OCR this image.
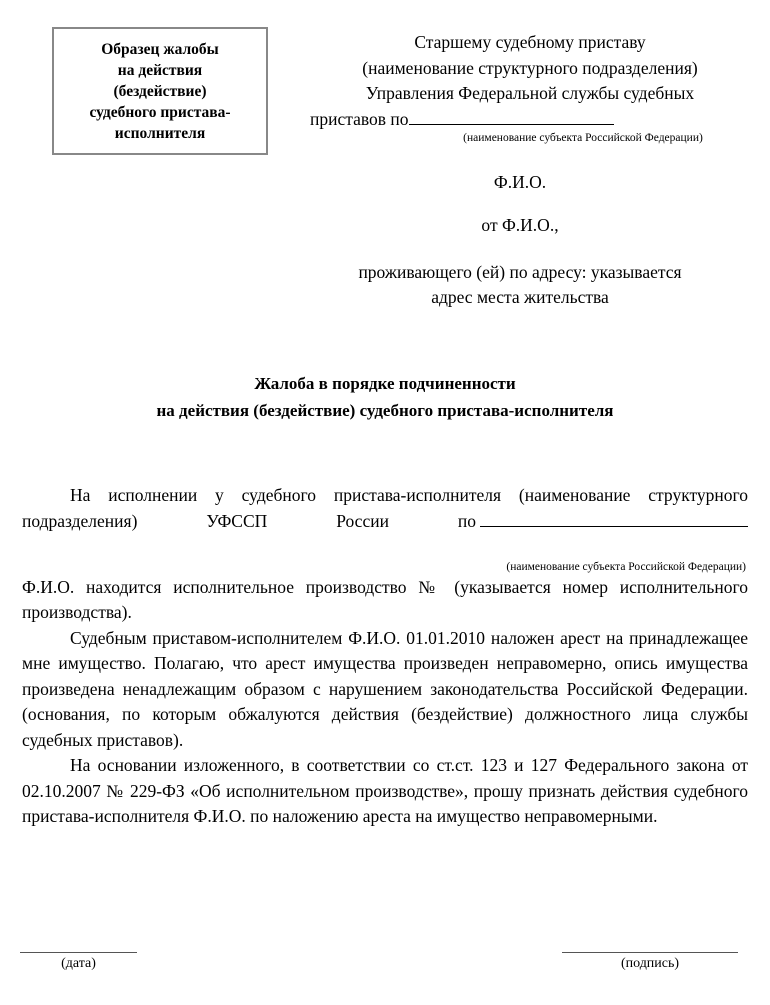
Образец жалобы
на действия
(бездействие)
судебного пристава-
исполнителя
Старшему судебному приставу
(наименование структурного подразделения)
Управления Федеральной службы судебных
приставов по
(наименование субъекта Российской Федерации)
Ф.И.О.
от Ф.И.О.,
проживающего (ей) по адресу: указывается
адрес места жительства
Жалоба в порядке подчиненности
на действия (бездействие) судебного пристава-исполнителя

На исполнении у судебного пристава-исполнителя (наименование структурного подразделения) УФССП России по

(наименование субъекта Российской Федерации)

Ф.И.О. находится исполнительное производство № (указывается номер исполнительного производства).

Судебным приставом-исполнителем Ф.И.О. 01.01.2010 наложен арест на принадлежащее мне имущество. Полагаю, что арест имущества произведен неправомерно, опись имущества произведена ненадлежащим образом с нарушением законодательства Российской Федерации. (основания, по которым обжалуются действия (бездействие) должностного лица службы судебных приставов).

На основании изложенного, в соответствии со ст.ст. 123 и 127 Федерального закона от 02.10.2007 № 229-ФЗ «Об исполнительном производстве», прошу признать действия судебного пристава-исполнителя Ф.И.О. по наложению ареста на имущество неправомерными.

(дата)	(подпись)
